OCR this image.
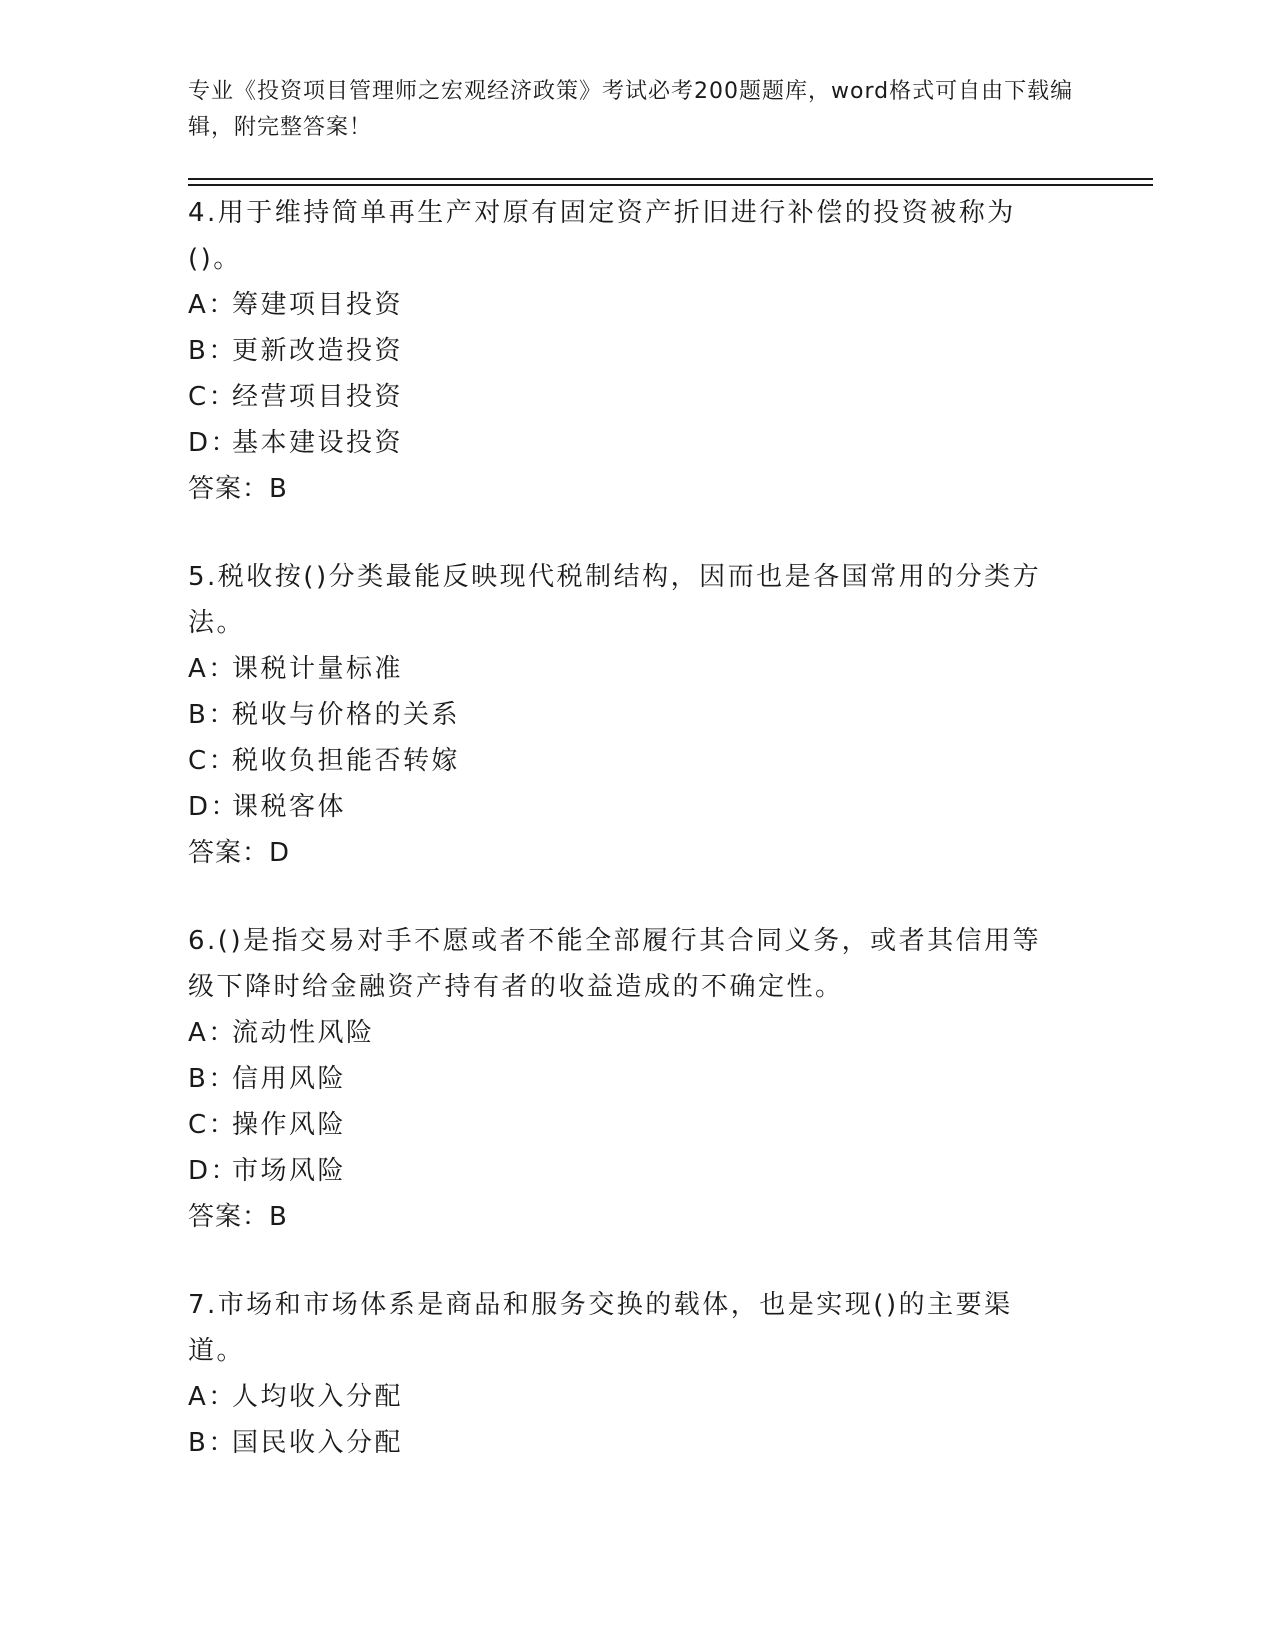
专业《投资项目管理师之宏观经济政策》考试必考200题题库，word格式可自由下载编辑，附完整答案！

4.用于维持简单再生产对原有固定资产折旧进行补偿的投资被称为()。

A：筹建项目投资

B：更新改造投资

C：经营项目投资

D：基本建设投资

答案：B

5.税收按()分类最能反映现代税制结构，因而也是各国常用的分类方法。

A：课税计量标准

B：税收与价格的关系

C：税收负担能否转嫁

D：课税客体

答案：D

6.()是指交易对手不愿或者不能全部履行其合同义务，或者其信用等级下降时给金融资产持有者的收益造成的不确定性。

A：流动性风险

B：信用风险

C：操作风险

D：市场风险

答案：B

7.市场和市场体系是商品和服务交换的载体，也是实现()的主要渠道。

A：人均收入分配

B：国民收入分配
